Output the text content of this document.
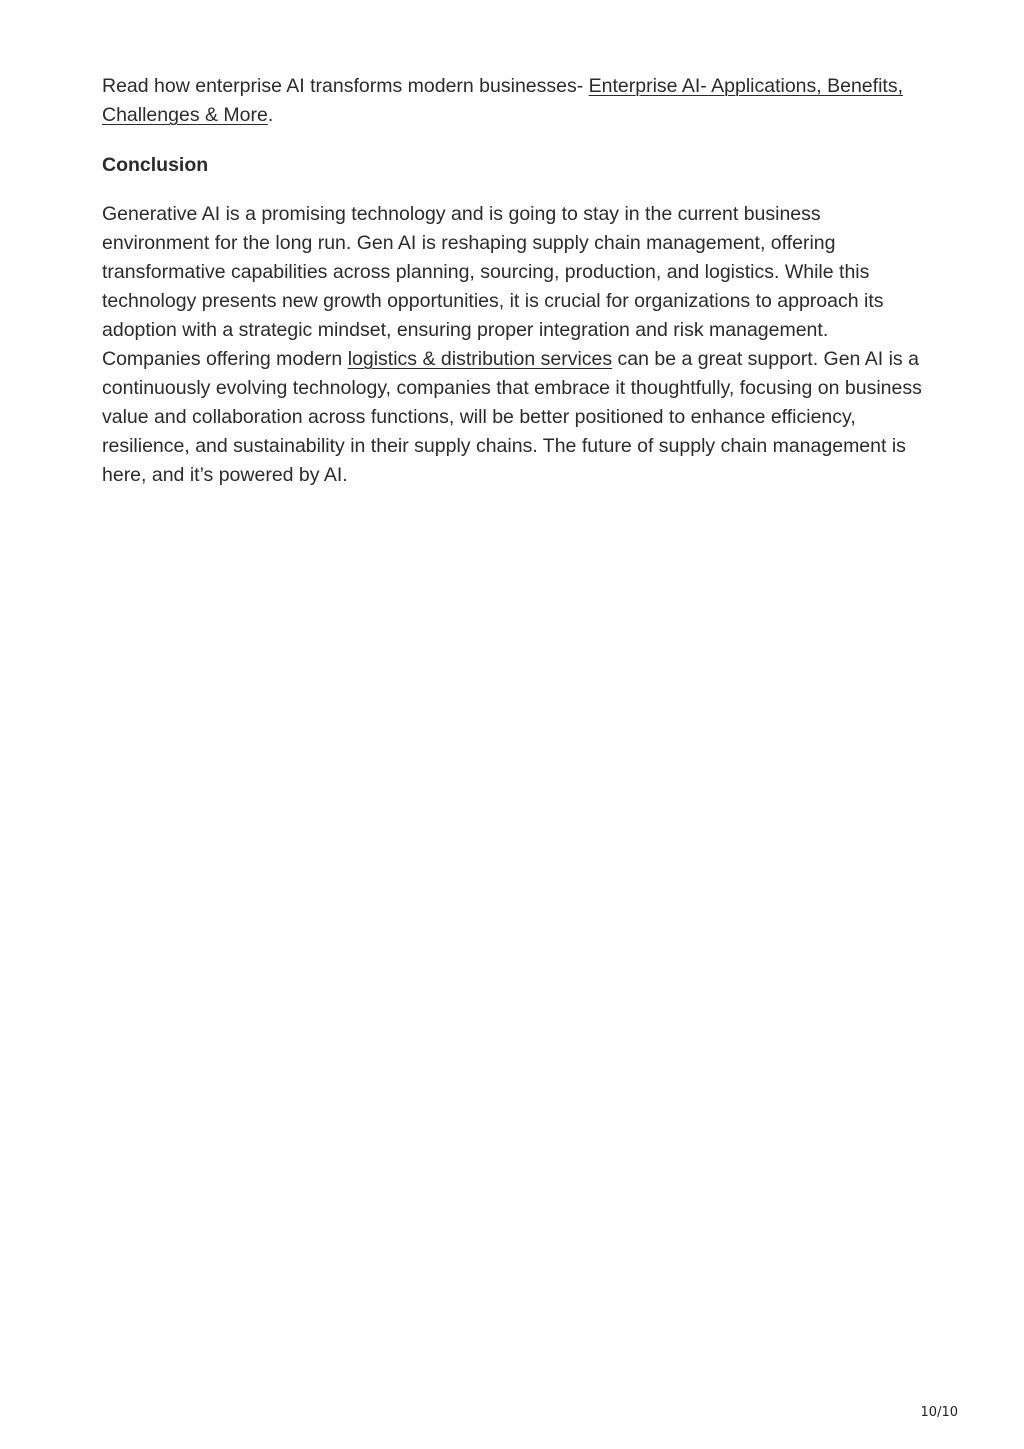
Read how enterprise AI transforms modern businesses- Enterprise AI- Applications, Benefits, Challenges & More.

Conclusion

Generative AI is a promising technology and is going to stay in the current business environment for the long run. Gen AI is reshaping supply chain management, offering transformative capabilities across planning, sourcing, production, and logistics. While this technology presents new growth opportunities, it is crucial for organizations to approach its adoption with a strategic mindset, ensuring proper integration and risk management. Companies offering modern logistics & distribution services can be a great support. Gen AI is a continuously evolving technology, companies that embrace it thoughtfully, focusing on business value and collaboration across functions, will be better positioned to enhance efficiency, resilience, and sustainability in their supply chains. The future of supply chain management is here, and it’s powered by AI.

10/10
